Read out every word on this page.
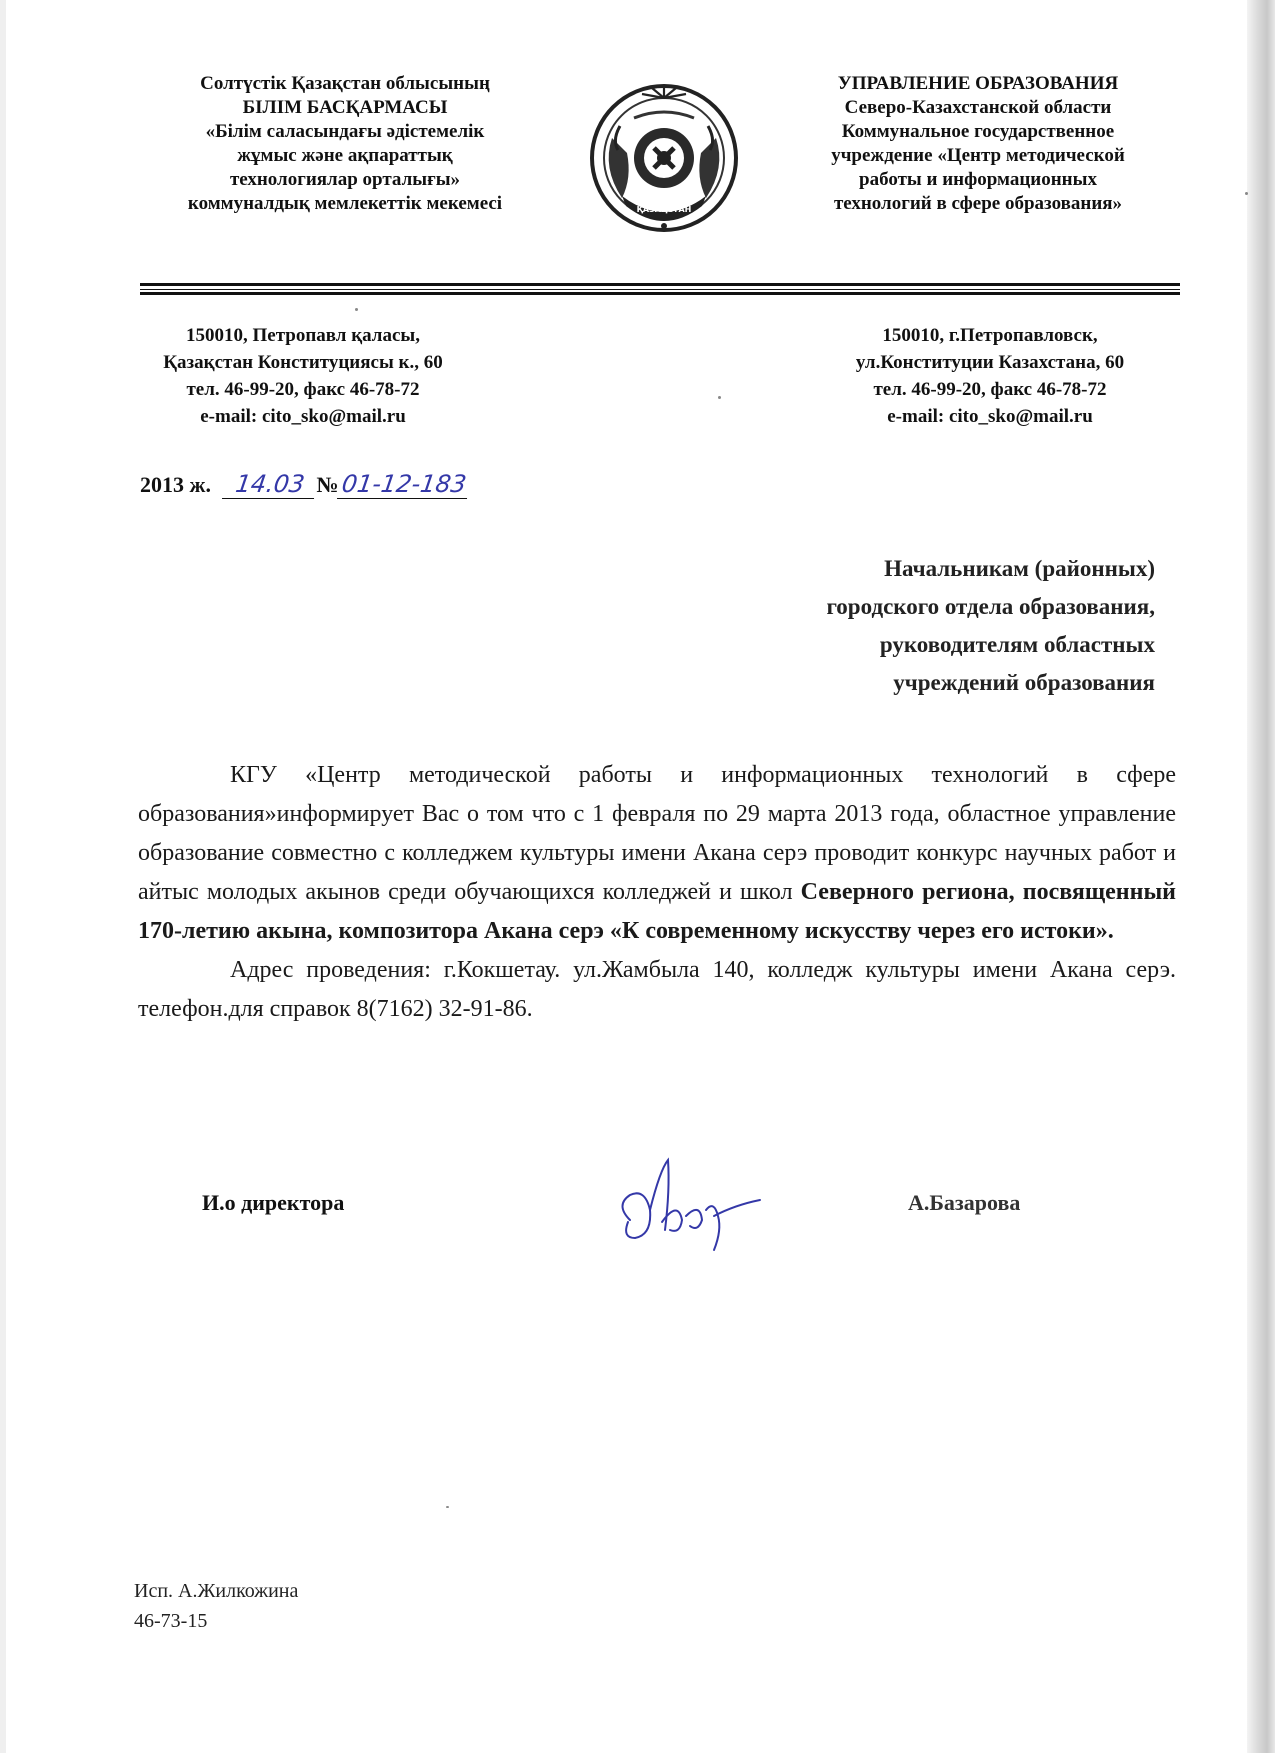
Солтүстік Қазақстан облысының
БІЛІМ БАСҚАРМАСЫ
«Білім саласындағы әдістемелік
жұмыс және ақпараттық
технологиялар орталығы»
коммуналдық мемлекеттік мекемесі	ҚАЗАҚСТАН
УПРАВЛЕНИЕ ОБРАЗОВАНИЯ
Северо-Казахстанской области
Коммунальное государственное
учреждение «Центр методической
работы и информационных
технологий в сфере образования»
150010, Петропавл қаласы,
Қазақстан Конституциясы к., 60
тел. 46-99-20, факс 46-78-72
e-mail: cito_sko@mail.ru
150010, г.Петропавловск,
ул.Конституции Казахстана, 60
тел. 46-99-20, факс 46-78-72
e-mail: cito_sko@mail.ru
2013 ж. 14.03 №01-12-183
Начальникам (районных)
городского отдела образования,
руководителям областных
учреждений образования

КГУ «Центр методической работы и информационных технологий в сфере образования»информирует Вас о том что с 1 февраля по 29 марта 2013 года, областное управление образование совместно с колледжем культуры имени Акана серэ проводит конкурс научных работ и айтыс молодых акынов среди обучающихся колледжей и школ Северного региона, посвященный 170-летию акына, композитора Акана серэ «К современному искусству через его истоки».

Адрес проведения: г.Кокшетау. ул.Жамбыла 140, колледж культуры имени Акана серэ. телефон.для справок 8(7162) 32-91-86.

И.о директора	А.Базарова
Исп. А.Жилкожина
46-73-15
